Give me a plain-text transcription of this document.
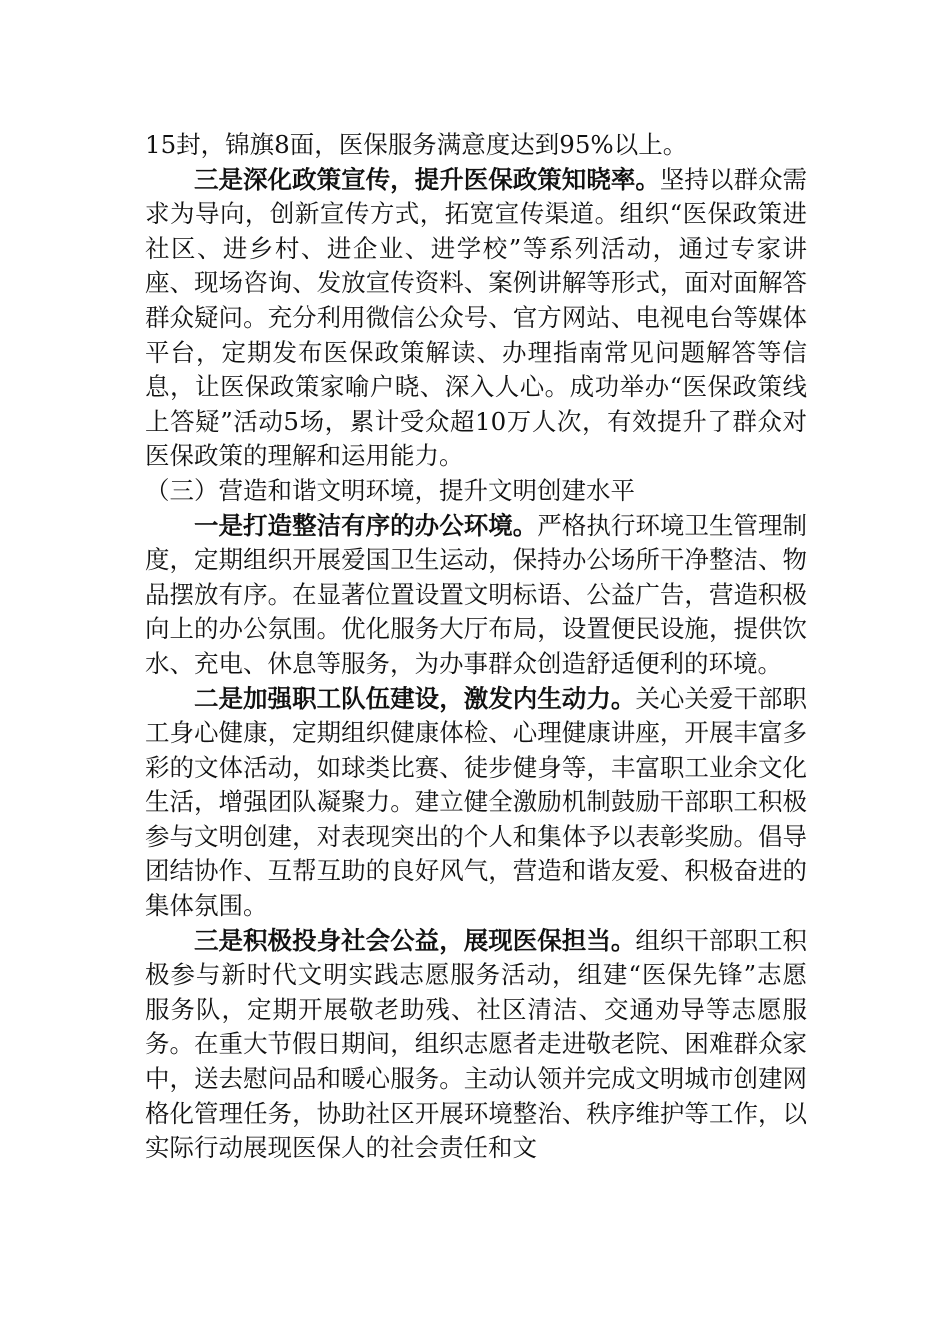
15封，锦旗8面，医保服务满意度达到95%以上。

三是深化政策宣传，提升医保政策知晓率。坚持以群众需求为导向，创新宣传方式，拓宽宣传渠道。组织“医保政策进社区、进乡村、进企业、进学校”等系列活动，通过专家讲座、现场咨询、发放宣传资料、案例讲解等形式，面对面解答群众疑问。充分利用微信公众号、官方网站、电视电台等媒体平台，定期发布医保政策解读、办理指南常见问题解答等信息，让医保政策家喻户晓、深入人心。成功举办“医保政策线上答疑”活动5场，累计受众超10万人次，有效提升了群众对医保政策的理解和运用能力。

（三）营造和谐文明环境，提升文明创建水平

一是打造整洁有序的办公环境。严格执行环境卫生管理制度，定期组织开展爱国卫生运动，保持办公场所干净整洁、物品摆放有序。在显著位置设置文明标语、公益广告，营造积极向上的办公氛围。优化服务大厅布局，设置便民设施，提供饮水、充电、休息等服务，为办事群众创造舒适便利的环境。

二是加强职工队伍建设，激发内生动力。关心关爱干部职工身心健康，定期组织健康体检、心理健康讲座，开展丰富多彩的文体活动，如球类比赛、徒步健身等，丰富职工业余文化生活，增强团队凝聚力。建立健全激励机制鼓励干部职工积极参与文明创建，对表现突出的个人和集体予以表彰奖励。倡导团结协作、互帮互助的良好风气，营造和谐友爱、积极奋进的集体氛围。

三是积极投身社会公益，展现医保担当。组织干部职工积极参与新时代文明实践志愿服务活动，组建“医保先锋”志愿服务队，定期开展敬老助残、社区清洁、交通劝导等志愿服务。在重大节假日期间，组织志愿者走进敬老院、困难群众家中，送去慰问品和暖心服务。主动认领并完成文明城市创建网格化管理任务，协助社区开展环境整治、秩序维护等工作，以实际行动展现医保人的社会责任和文
